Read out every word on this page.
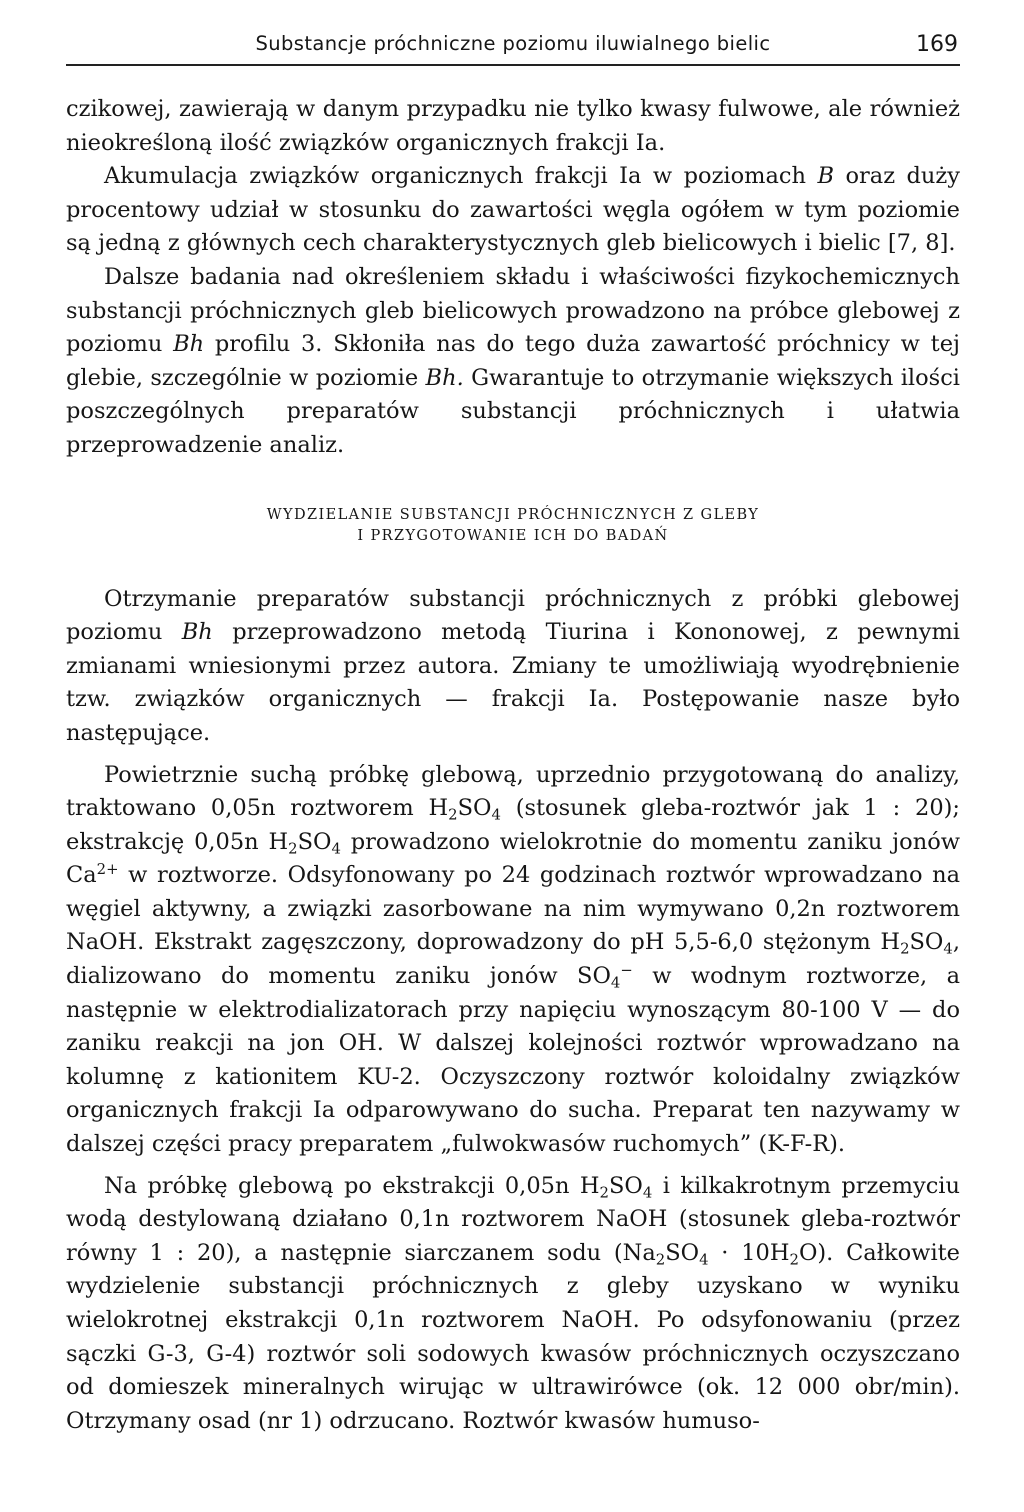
Substancje próchniczne poziomu iluwialnego bielic	169

czikowej, zawierają w danym przypadku nie tylko kwasy fulwowe, ale również nieokreśloną ilość związków organicznych frakcji Ia.

Akumulacja związków organicznych frakcji Ia w poziomach B oraz duży procentowy udział w stosunku do zawartości węgla ogółem w tym poziomie są jedną z głównych cech charakterystycznych gleb bielicowych i bielic [7, 8].

Dalsze badania nad określeniem składu i właściwości fizykochemicznych substancji próchnicznych gleb bielicowych prowadzono na próbce glebowej z poziomu Bh profilu 3. Skłoniła nas do tego duża zawartość próchnicy w tej glebie, szczególnie w poziomie Bh. Gwarantuje to otrzymanie większych ilości poszczególnych preparatów substancji próchnicznych i ułatwia przeprowadzenie analiz.

WYDZIELANIE SUBSTANCJI PRÓCHNICZNYCH Z GLEBY
I PRZYGOTOWANIE ICH DO BADAŃ

Otrzymanie preparatów substancji próchnicznych z próbki glebowej poziomu Bh przeprowadzono metodą Tiurina i Kononowej, z pewnymi zmianami wniesionymi przez autora. Zmiany te umożliwiają wyodrębnienie tzw. związków organicznych — frakcji Ia. Postępowanie nasze było następujące.

Powietrznie suchą próbkę glebową, uprzednio przygotowaną do analizy, traktowano 0,05n roztworem $H_2SO_4$ (stosunek gleba-roztwór jak 1 : 20); ekstrakcję 0,05n $H_2SO_4$ prowadzono wielokrotnie do momentu zaniku jonów $Ca^{2+}$ w roztworze. Odsyfonowany po 24 godzinach roztwór wprowadzano na węgiel aktywny, a związki zasorbowane na nim wymywano 0,2n roztworem NaOH. Ekstrakt zagęszczony, doprowadzony do pH 5,5-6,0 stężonym $H_2SO_4$, dializowano do momentu zaniku jonów $SO_4^-$ w wodnym roztworze, a następnie w elektrodializatorach przy napięciu wynoszącym 80-100 V — do zaniku reakcji na jon OH. W dalszej kolejności roztwór wprowadzano na kolumnę z kationitem KU-2. Oczyszczony roztwór koloidalny związków organicznych frakcji Ia odparowywano do sucha. Preparat ten nazywamy w dalszej części pracy preparatem „fulwokwasów ruchomych” (K-F-R).

Na próbkę glebową po ekstrakcji 0,05n $H_2SO_4$ i kilkakrotnym przemyciu wodą destylowaną działano 0,1n roztworem NaOH (stosunek gleba-roztwór równy 1 : 20), a następnie siarczanem sodu $(Na_2SO_4 \cdot 10H_2O)$. Całkowite wydzielenie substancji próchnicznych z gleby uzyskano w wyniku wielokrotnej ekstrakcji 0,1n roztworem NaOH. Po odsyfonowaniu (przez sączki G-3, G-4) roztwór soli sodowych kwasów próchnicznych oczyszczano od domieszek mineralnych wirując w ultrawirówce (ok. 12 000 obr/min). Otrzymany osad (nr 1) odrzucano. Roztwór kwasów humuso-
